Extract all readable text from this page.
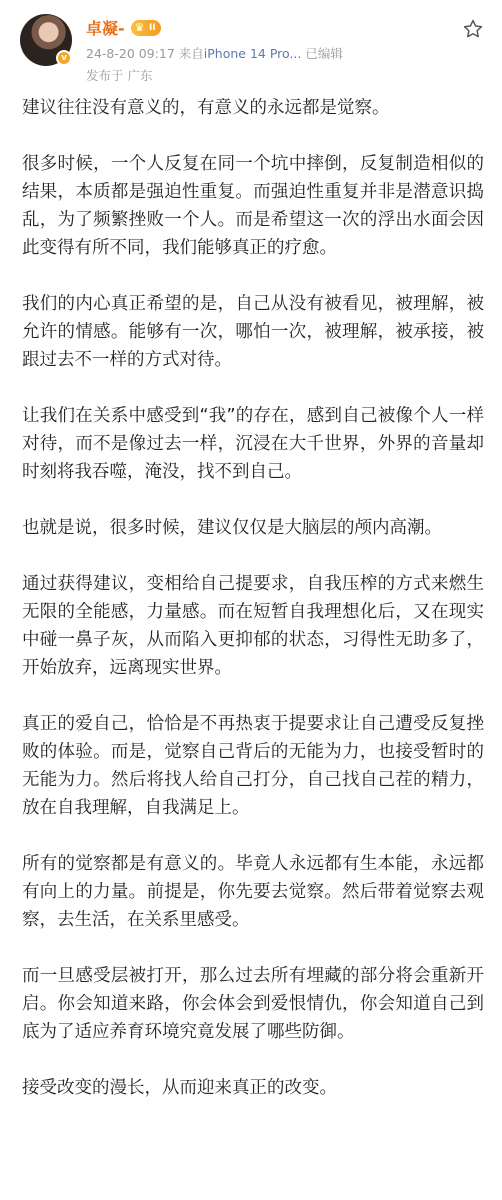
v
卓凝- ♛ II
24-8-20 09:17 来自iPhone 14 Pro... 已编辑
发布于 广东

建议往往没有意义的，有意义的永远都是觉察。

很多时候，一个人反复在同一个坑中摔倒，反复制造相似的结果，本质都是强迫性重复。而强迫性重复并非是潜意识捣乱，为了频繁挫败一个人。而是希望这一次的浮出水面会因此变得有所不同，我们能够真正的疗愈。

我们的内心真正希望的是，自己从没有被看见，被理解，被允许的情感。能够有一次，哪怕一次，被理解，被承接，被跟过去不一样的方式对待。

让我们在关系中感受到“我”的存在，感到自己被像个人一样对待，而不是像过去一样，沉浸在大千世界，外界的音量却时刻将我吞噬，淹没，找不到自己。

也就是说，很多时候，建议仅仅是大脑层的颅内高潮。

通过获得建议，变相给自己提要求，自我压榨的方式来燃生无限的全能感，力量感。而在短暂自我理想化后，又在现实中碰一鼻子灰，从而陷入更抑郁的状态，习得性无助多了，开始放弃，远离现实世界。

真正的爱自己，恰恰是不再热衷于提要求让自己遭受反复挫败的体验。而是，觉察自己背后的无能为力，也接受暂时的无能为力。然后将找人给自己打分，自己找自己茬的精力，放在自我理解，自我满足上。

所有的觉察都是有意义的。毕竟人永远都有生本能，永远都有向上的力量。前提是，你先要去觉察。然后带着觉察去观察，去生活，在关系里感受。

而一旦感受层被打开，那么过去所有埋藏的部分将会重新开启。你会知道来路，你会体会到爱恨情仇，你会知道自己到底为了适应养育环境究竟发展了哪些防御。

接受改变的漫长，从而迎来真正的改变。
